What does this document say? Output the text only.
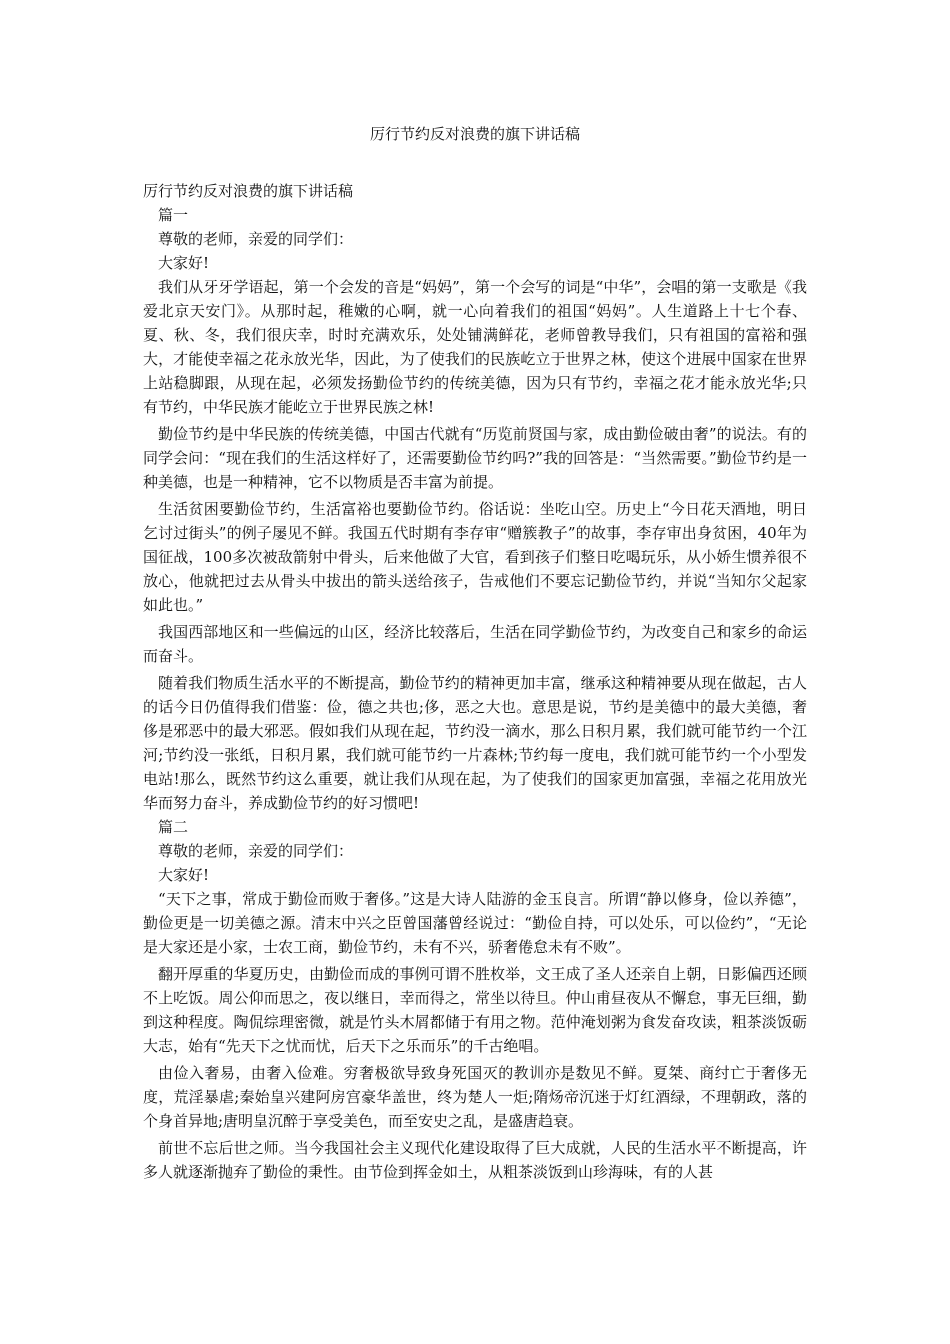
厉行节约反对浪费的旗下讲话稿

厉行节约反对浪费的旗下讲话稿

篇一

尊敬的老师，亲爱的同学们：

大家好!

我们从牙牙学语起，第一个会发的音是“妈妈”，第一个会写的词是“中华”，会唱的第一支歌是《我爱北京天安门》。从那时起，稚嫩的心啊，就一心向着我们的祖国“妈妈”。人生道路上十七个春、夏、秋、冬，我们很庆幸，时时充满欢乐，处处铺满鲜花，老师曾教导我们，只有祖国的富裕和强大，才能使幸福之花永放光华，因此，为了使我们的民族屹立于世界之林，使这个进展中国家在世界上站稳脚跟，从现在起，必须发扬勤俭节约的传统美德，因为只有节约，幸福之花才能永放光华;只有节约，中华民族才能屹立于世界民族之林!

勤俭节约是中华民族的传统美德，中国古代就有“历览前贤国与家，成由勤俭破由奢”的说法。有的同学会问：“现在我们的生活这样好了，还需要勤俭节约吗?”我的回答是：“当然需要。”勤俭节约是一种美德，也是一种精神，它不以物质是否丰富为前提。

生活贫困要勤俭节约，生活富裕也要勤俭节约。俗话说：坐吃山空。历史上“今日花天酒地，明日乞讨过街头”的例子屡见不鲜。我国五代时期有李存审“赠簇教子”的故事，李存审出身贫困，40年为国征战，100多次被敌箭射中骨头，后来他做了大官，看到孩子们整日吃喝玩乐，从小娇生惯养很不放心，他就把过去从骨头中拔出的箭头送给孩子，告戒他们不要忘记勤俭节约，并说“当知尔父起家如此也。”

我国西部地区和一些偏远的山区，经济比较落后，生活在同学勤俭节约，为改变自己和家乡的命运而奋斗。

随着我们物质生活水平的不断提高，勤俭节约的精神更加丰富，继承这种精神要从现在做起，古人的话今日仍值得我们借鉴：俭，德之共也;侈，恶之大也。意思是说，节约是美德中的最大美德，奢侈是邪恶中的最大邪恶。假如我们从现在起，节约没一滴水，那么日积月累，我们就可能节约一个江河;节约没一张纸，日积月累，我们就可能节约一片森林;节约每一度电，我们就可能节约一个小型发电站!那么，既然节约这么重要，就让我们从现在起，为了使我们的国家更加富强，幸福之花用放光华而努力奋斗，养成勤俭节约的好习惯吧!

篇二

尊敬的老师，亲爱的同学们：

大家好!

“天下之事，常成于勤俭而败于奢侈。”这是大诗人陆游的金玉良言。所谓“静以修身，俭以养德”，勤俭更是一切美德之源。清末中兴之臣曾国藩曾经说过：“勤俭自持，可以处乐，可以俭约”，“无论是大家还是小家，士农工商，勤俭节约，未有不兴，骄奢倦怠未有不败”。

翻开厚重的华夏历史，由勤俭而成的事例可谓不胜枚举，文王成了圣人还亲自上朝，日影偏西还顾不上吃饭。周公仰而思之，夜以继日，幸而得之，常坐以待旦。仲山甫昼夜从不懈怠，事无巨细，勤到这种程度。陶侃综理密微，就是竹头木屑都储于有用之物。范仲淹划粥为食发奋攻读，粗茶淡饭砺大志，始有“先天下之忧而忧，后天下之乐而乐”的千古绝唱。

由俭入奢易，由奢入俭难。穷奢极欲导致身死国灭的教训亦是数见不鲜。夏桀、商纣亡于奢侈无度，荒淫暴虐;秦始皇兴建阿房宫豪华盖世，终为楚人一炬;隋炀帝沉迷于灯红酒绿，不理朝政，落的个身首异地;唐明皇沉醉于享受美色，而至安史之乱，是盛唐趋衰。

前世不忘后世之师。当今我国社会主义现代化建设取得了巨大成就，人民的生活水平不断提高，许多人就逐渐抛弃了勤俭的秉性。由节俭到挥金如土，从粗茶淡饭到山珍海味，有的人甚
